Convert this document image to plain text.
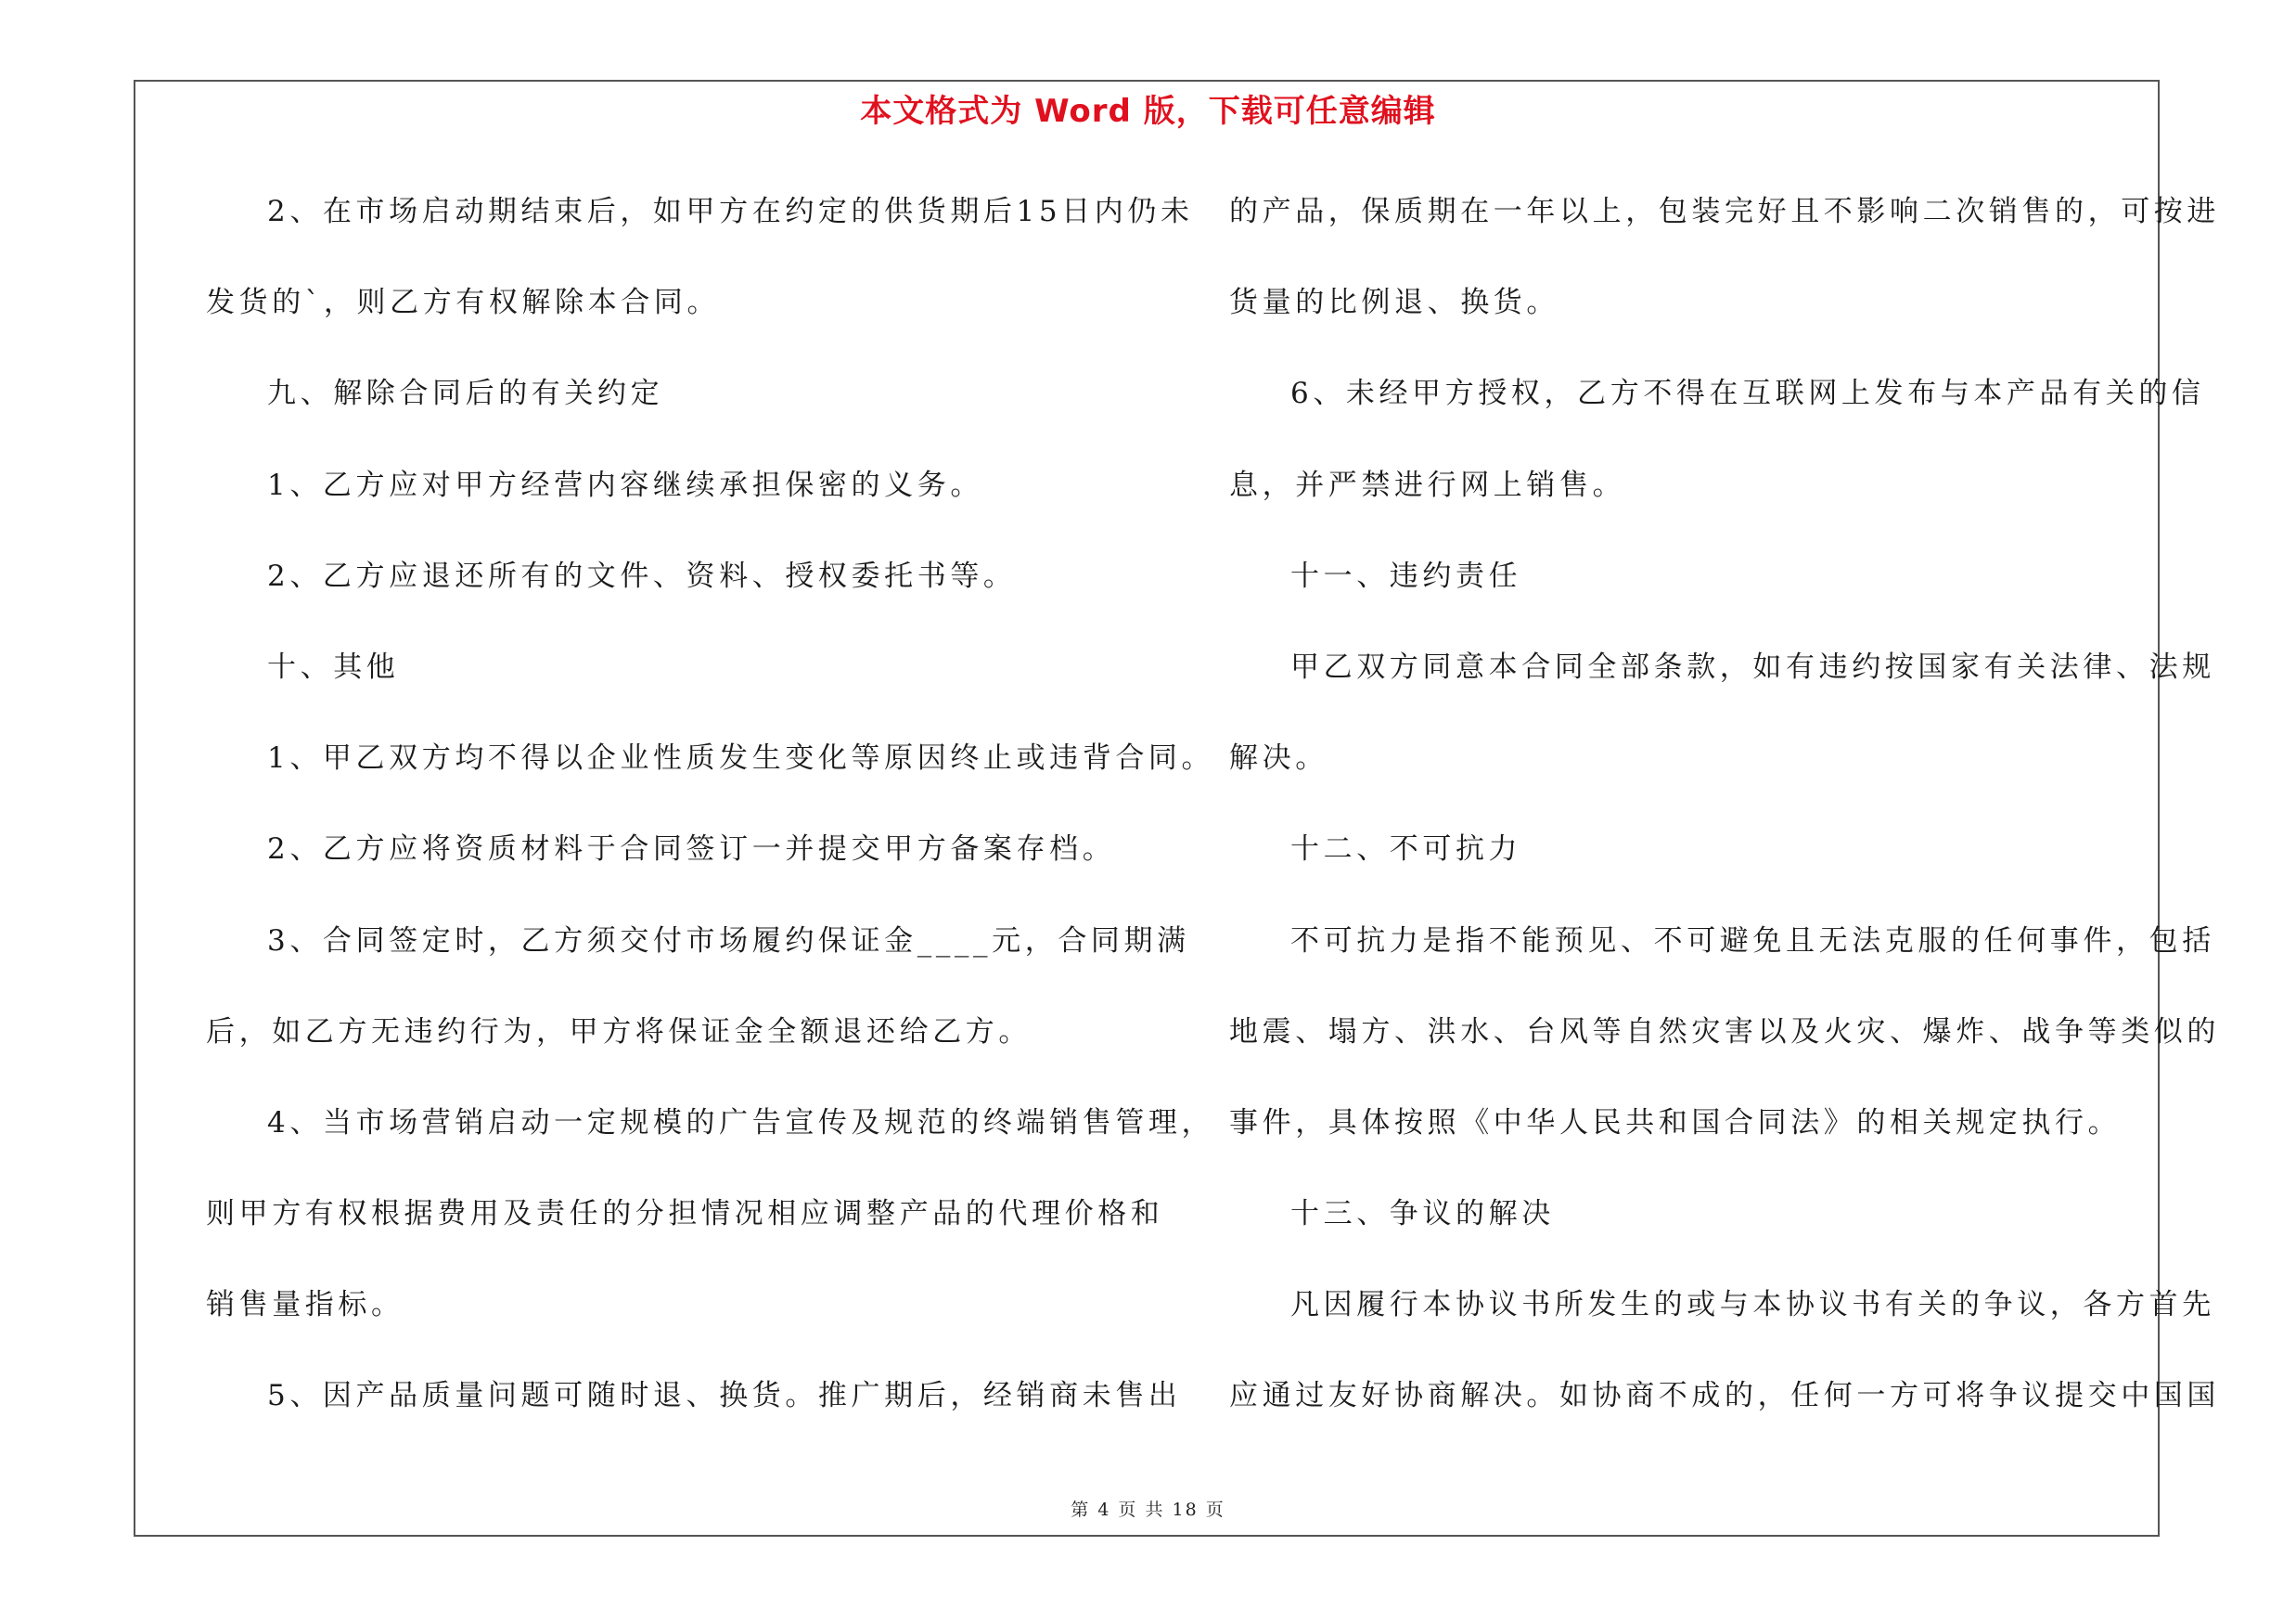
本文格式为 Word 版，下载可任意编辑
2、在市场启动期结束后，如甲方在约定的供货期后15日内仍未
发货的`，则乙方有权解除本合同。
九、解除合同后的有关约定
1、乙方应对甲方经营内容继续承担保密的义务。
2、乙方应退还所有的文件、资料、授权委托书等。
十、其他
1、甲乙双方均不得以企业性质发生变化等原因终止或违背合同。
2、乙方应将资质材料于合同签订一并提交甲方备案存档。
3、合同签定时，乙方须交付市场履约保证金____元，合同期满
后，如乙方无违约行为，甲方将保证金全额退还给乙方。
4、当市场营销启动一定规模的广告宣传及规范的终端销售管理，
则甲方有权根据费用及责任的分担情况相应调整产品的代理价格和
销售量指标。
5、因产品质量问题可随时退、换货。推广期后，经销商未售出
的产品，保质期在一年以上，包装完好且不影响二次销售的，可按进
货量的比例退、换货。
6、未经甲方授权，乙方不得在互联网上发布与本产品有关的信
息，并严禁进行网上销售。
十一、违约责任
甲乙双方同意本合同全部条款，如有违约按国家有关法律、法规
解决。
十二、不可抗力
不可抗力是指不能预见、不可避免且无法克服的任何事件，包括
地震、塌方、洪水、台风等自然灾害以及火灾、爆炸、战争等类似的
事件，具体按照《中华人民共和国合同法》的相关规定执行。
十三、争议的解决
凡因履行本协议书所发生的或与本协议书有关的争议，各方首先
应通过友好协商解决。如协商不成的，任何一方可将争议提交中国国
第 4 页 共 18 页
